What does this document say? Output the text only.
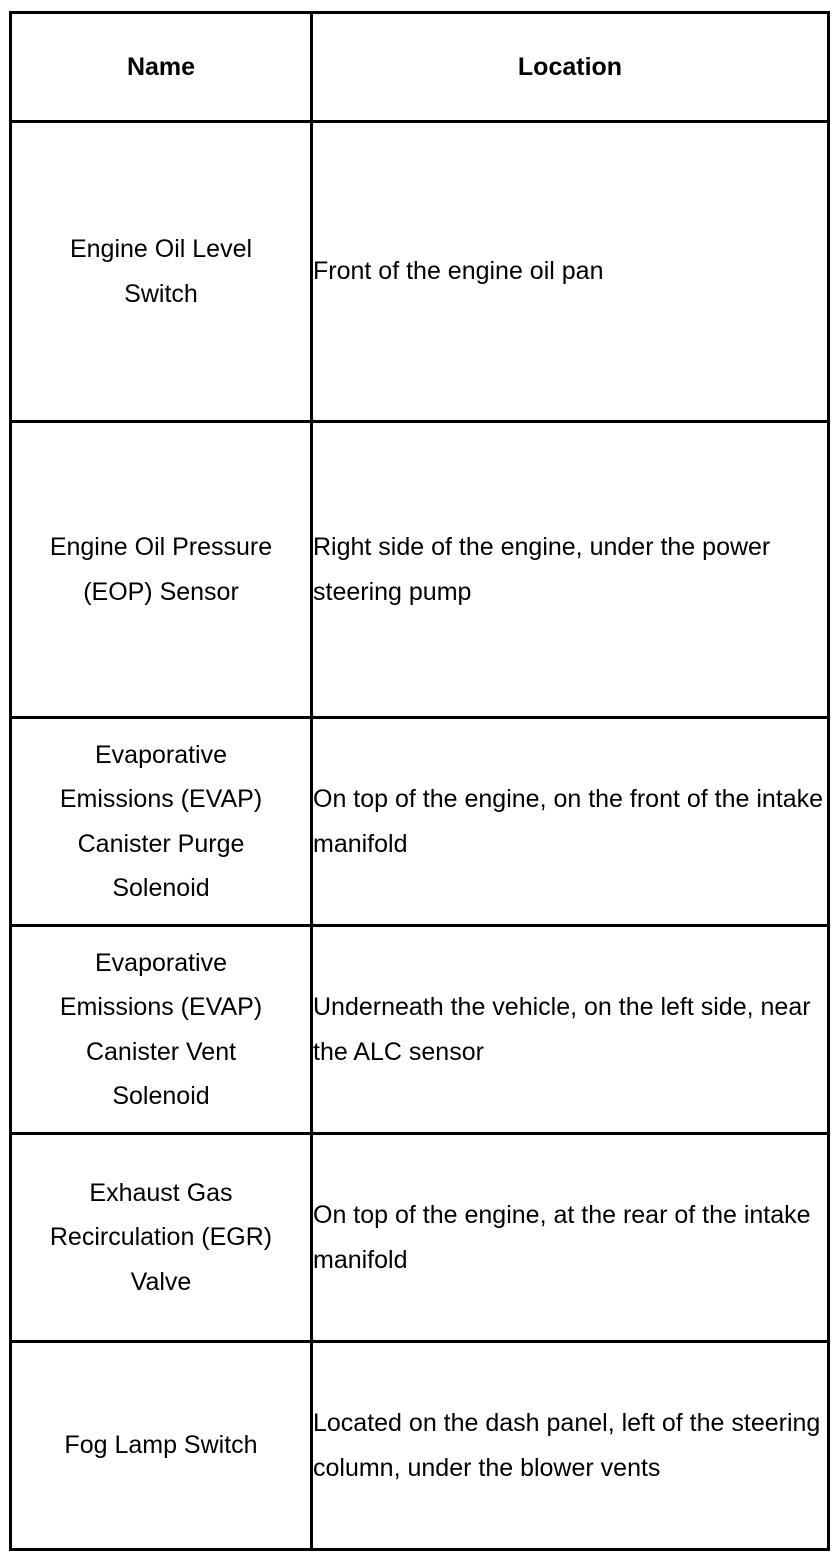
Name	Location
Engine Oil Level Switch	Front of the engine oil pan
Engine Oil Pressure (EOP) Sensor	Right side of the engine, under the power steering pump
Evaporative Emissions (EVAP) Canister Purge Solenoid	On top of the engine, on the front of the intake manifold
Evaporative Emissions (EVAP) Canister Vent Solenoid	Underneath the vehicle, on the left side, near the ALC sensor
Exhaust Gas Recirculation (EGR) Valve	On top of the engine, at the rear of the intake manifold
Fog Lamp Switch	Located on the dash panel, left of the steering column, under the blower vents
